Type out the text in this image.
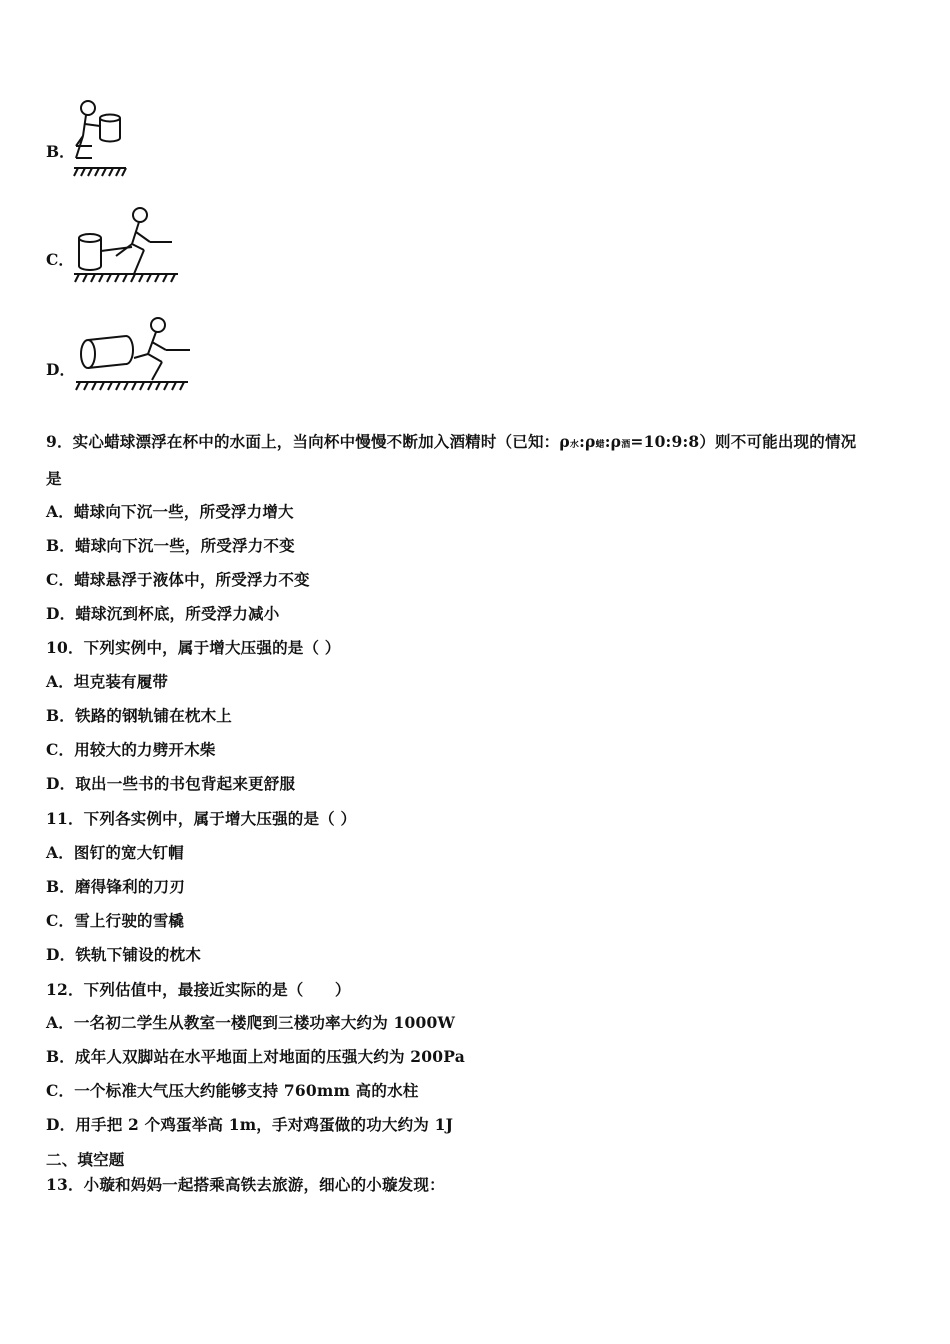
B．
C．
D．
9．实心蜡球漂浮在杯中的水面上，当向杯中慢慢不断加入酒精时（已知：ρ水:ρ蜡:ρ酒=10:9:8）则不可能出现的情况
是
A．蜡球向下沉一些，所受浮力增大
B．蜡球向下沉一些，所受浮力不变
C．蜡球悬浮于液体中，所受浮力不变
D．蜡球沉到杯底，所受浮力减小
10．下列实例中，属于增大压强的是（ ）
A．坦克装有履带
B．铁路的钢轨铺在枕木上
C．用较大的力劈开木柴
D．取出一些书的书包背起来更舒服
11．下列各实例中，属于增大压强的是（ ）
A．图钉的宽大钉帽
B．磨得锋利的刀刃
C．雪上行驶的雪橇
D．铁轨下铺设的枕木
12．下列估值中，最接近实际的是（　　）
A．一名初二学生从教室一楼爬到三楼功率大约为 1000W
B．成年人双脚站在水平地面上对地面的压强大约为 200Pa
C．一个标准大气压大约能够支持 760mm 高的水柱
D．用手把 2 个鸡蛋举高 1m，手对鸡蛋做的功大约为 1J
二、填空题
13．小璇和妈妈一起搭乘高铁去旅游，细心的小璇发现：
